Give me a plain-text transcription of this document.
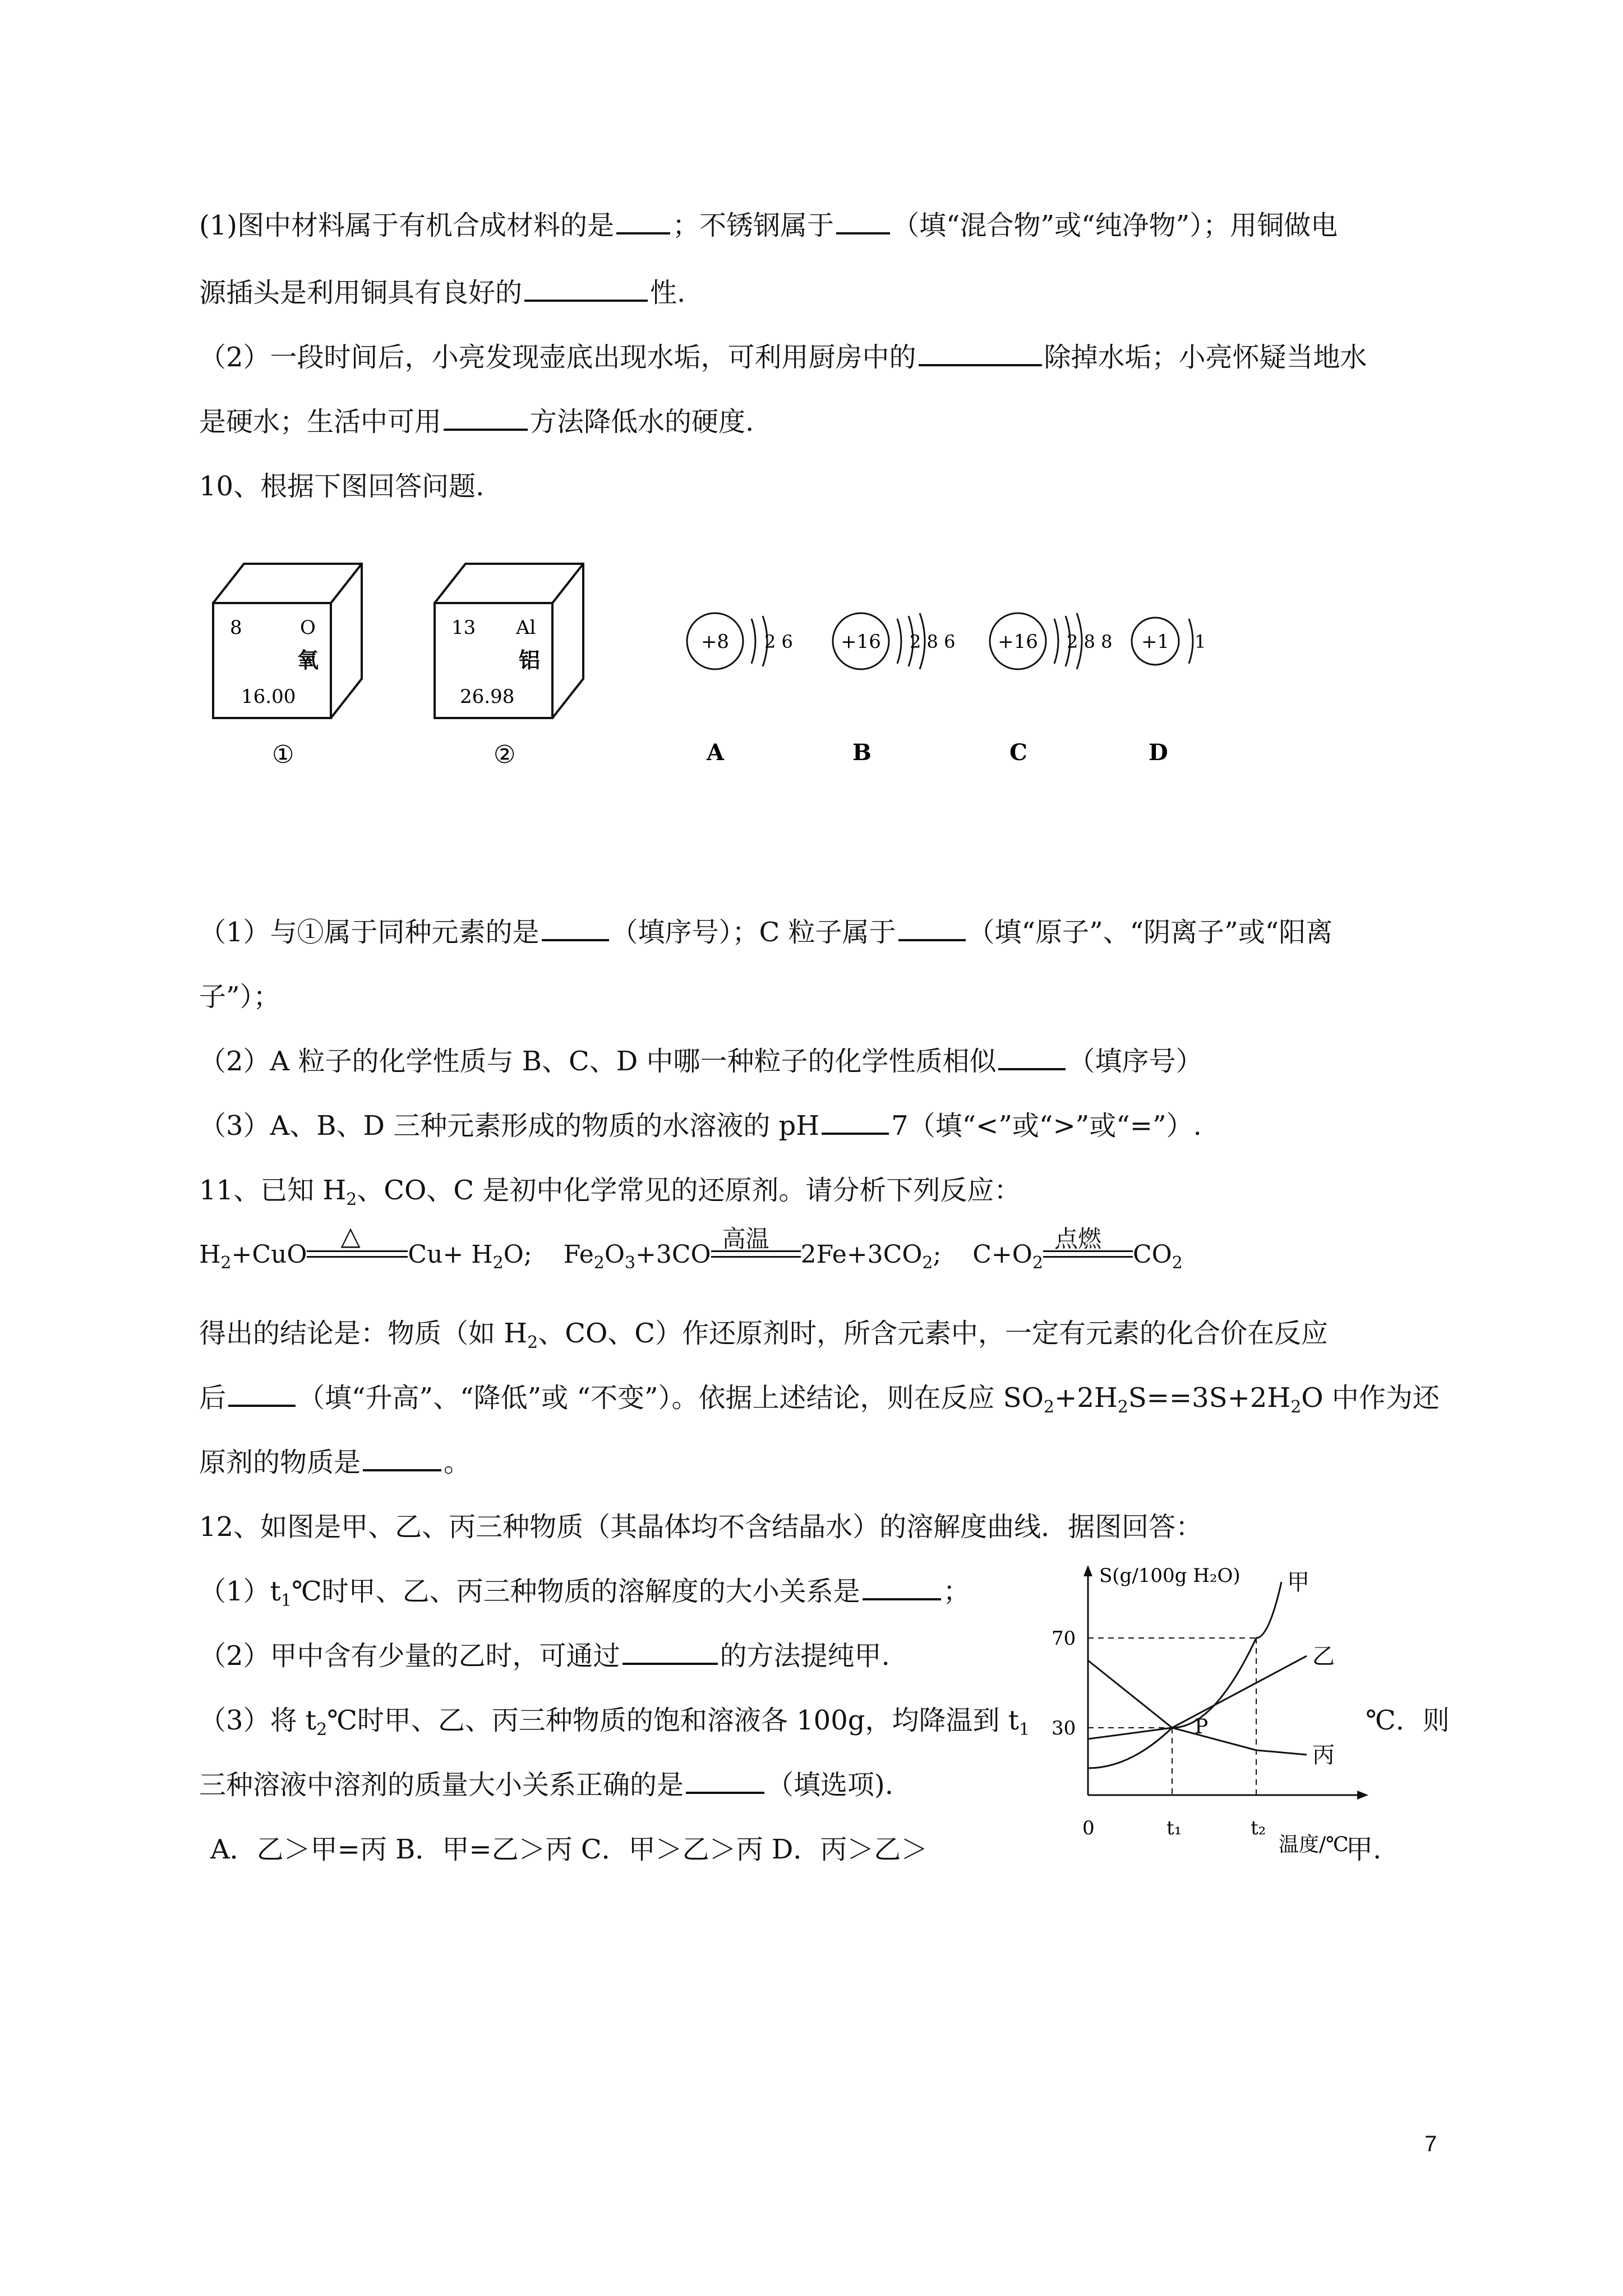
(1)图中材料属于有机合成材料的是 ；不锈钢属于 （填“混合物”或“纯净物”）；用铜做电
源插头是利用铜具有良好的	性.
（2）一段时间后，小亮发现壶底出现水垢，可利用厨房中的	除掉水垢；小亮怀疑当地水
是硬水；生活中可用	方法降低水的硬度.
10、根据下图回答问题.
8	O
氧
16.00
①
13 Al
铝
26.98
②
+8 2 6
A
+16 2 8 6
B
+16 2 8 8
C
+1 1
D
（1）与①属于同种元素的是	（填序号）；C 粒子属于	（填“原子”、“阴离子”或“阳离
子”）；
（2）A 粒子的化学性质与 B、C、D 中哪一种粒子的化学性质相似	（填序号）
（3）A、B、D 三种元素形成的物质的水溶液的 pH	7（填“<”或“>”或“=”）.
11、已知 $H_2$、CO、C 是初中化学常见的还原剂。请分析下列反应：
$H_2+CuO$
△
$Cu+ H_2O$;    $Fe_2O_3+3CO$
高温
$2Fe+3CO_2$;    $C+O_2$
点燃
$CO_2$
得出的结论是：物质（如 $H_2$、CO、C）作还原剂时，所含元素中，一定有元素的化合价在反应
后	（填“升高”、“降低”或 “不变”）。依据上述结论，则在反应 $SO_2+2H_2S==3S+2H_2O$ 中作为还
原剂的物质是	。
12、如图是甲、乙、丙三种物质（其晶体均不含结晶水）的溶解度曲线．据图回答：
$(1)t_1℃$时甲、乙、丙三种物质的溶解度的大小关系是	；
（2）甲中含有少量的乙时，可通过	的方法提纯甲.
（3）将 $t_2℃$时甲、乙、丙三种物质的饱和溶液各 100g，均降温到 $t_1$	℃．则
三种溶液中溶剂的质量大小关系正确的是	（填选项).
A．乙＞甲=丙 B．甲=乙＞丙 C．甲＞乙＞丙 D．丙＞乙＞	甲.
S(g/100g H₂O)
温度/℃
甲
乙
丙
P
0	t₁	t₂
30
70
7
